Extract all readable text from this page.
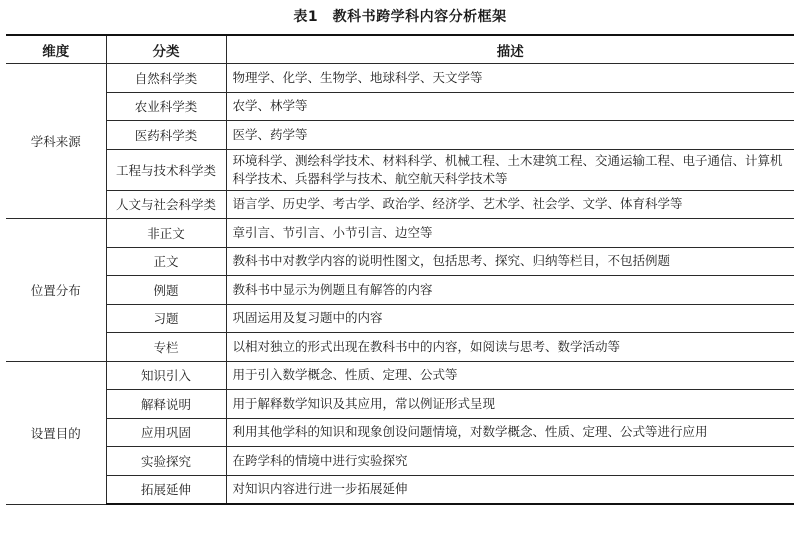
表1　教科书跨学科内容分析框架
维度	分类	描述
学科来源	自然科学类	物理学、化学、生物学、地球科学、天文学等
	农业科学类	农学、林学等
	医药科学类	医学、药学等
	工程与技术科学类	环境科学、测绘科学技术、材料科学、机械工程、土木建筑工程、交通运输工程、电子通信、计算机科学技术、兵器科学与技术、航空航天科学技术等
	人文与社会科学类	语言学、历史学、考古学、政治学、经济学、艺术学、社会学、文学、体育科学等
位置分布	非正文	章引言、节引言、小节引言、边空等
	正文	教科书中对教学内容的说明性图文，包括思考、探究、归纳等栏目，不包括例题
	例题	教科书中显示为例题且有解答的内容
	习题	巩固运用及复习题中的内容
	专栏	以相对独立的形式出现在教科书中的内容，如阅读与思考、数学活动等
设置目的	知识引入	用于引入数学概念、性质、定理、公式等
	解释说明	用于解释数学知识及其应用，常以例证形式呈现
	应用巩固	利用其他学科的知识和现象创设问题情境，对数学概念、性质、定理、公式等进行应用
	实验探究	在跨学科的情境中进行实验探究
	拓展延伸	对知识内容进行进一步拓展延伸
